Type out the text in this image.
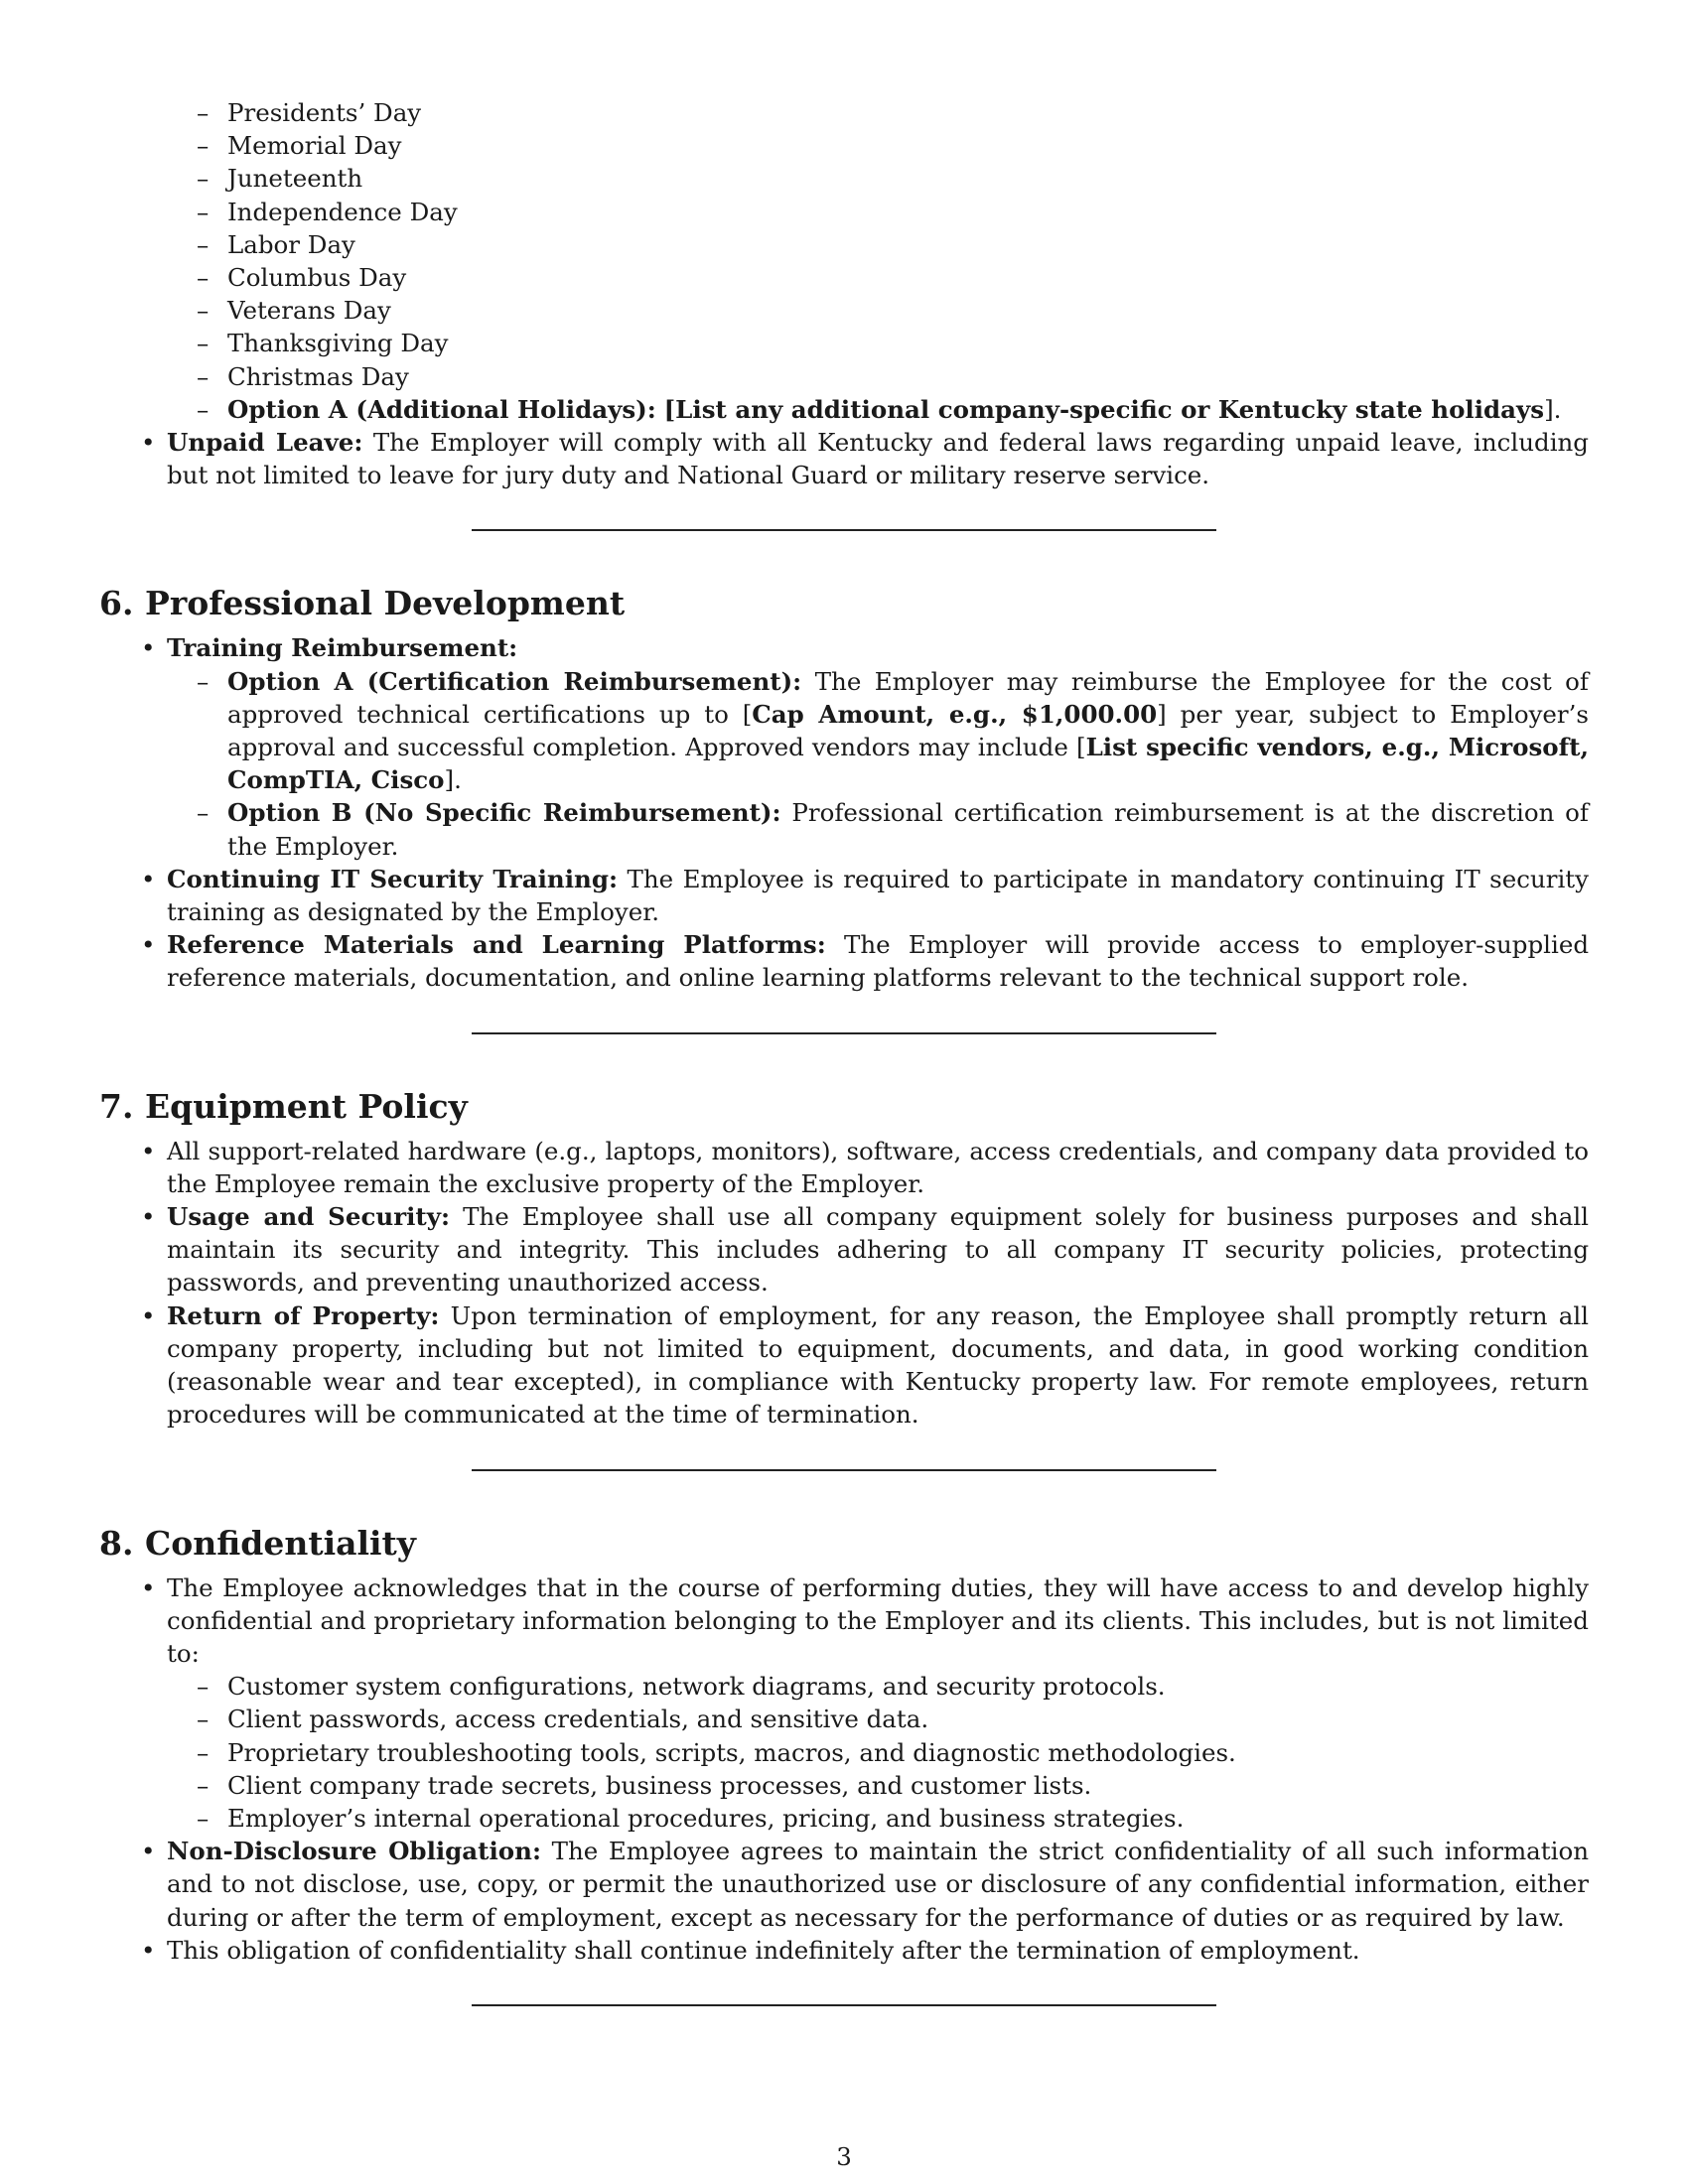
– Presidents’ Day
– Memorial Day
– Juneteenth
– Independence Day
– Labor Day
– Columbus Day
– Veterans Day
– Thanksgiving Day
– Christmas Day
– Option A (Additional Holidays): [List any additional company-specific or Kentucky state holidays].
• Unpaid Leave: The Employer will comply with all Kentucky and federal laws regarding unpaid leave, including but not limited to leave for jury duty and National Guard or military reserve service.
6. Professional Development
• Training Reimbursement:
– Option A (Certification Reimbursement): The Employer may reimburse the Employee for the cost of approved technical certifications up to [Cap Amount, e.g., $1,000.00] per year, subject to Employer’s approval and successful completion. Approved vendors may include [List specific vendors, e.g., Microsoft, CompTIA, Cisco].
– Option B (No Specific Reimbursement): Professional certification reimbursement is at the discretion of the Employer.
• Continuing IT Security Training: The Employee is required to participate in mandatory continuing IT security training as designated by the Employer.
• Reference Materials and Learning Platforms: The Employer will provide access to employer-supplied reference materials, documentation, and online learning platforms relevant to the technical support role.
7. Equipment Policy
• All support-related hardware (e.g., laptops, monitors), software, access credentials, and company data provided to the Employee remain the exclusive property of the Employer.
• Usage and Security: The Employee shall use all company equipment solely for business purposes and shall maintain its security and integrity. This includes adhering to all company IT security policies, protecting passwords, and preventing unauthorized access.
• Return of Property: Upon termination of employment, for any reason, the Employee shall promptly return all company property, including but not limited to equipment, documents, and data, in good working condition (reasonable wear and tear excepted), in compliance with Kentucky property law. For remote employees, return procedures will be communicated at the time of termination.
8. Confidentiality
• The Employee acknowledges that in the course of performing duties, they will have access to and develop highly confidential and proprietary information belonging to the Employer and its clients. This includes, but is not limited to:
– Customer system configurations, network diagrams, and security protocols.
– Client passwords, access credentials, and sensitive data.
– Proprietary troubleshooting tools, scripts, macros, and diagnostic methodologies.
– Client company trade secrets, business processes, and customer lists.
– Employer’s internal operational procedures, pricing, and business strategies.
• Non-Disclosure Obligation: The Employee agrees to maintain the strict confidentiality of all such information and to not disclose, use, copy, or permit the unauthorized use or disclosure of any confidential information, either during or after the term of employment, except as necessary for the performance of duties or as required by law.
• This obligation of confidentiality shall continue indefinitely after the termination of employment.
3
